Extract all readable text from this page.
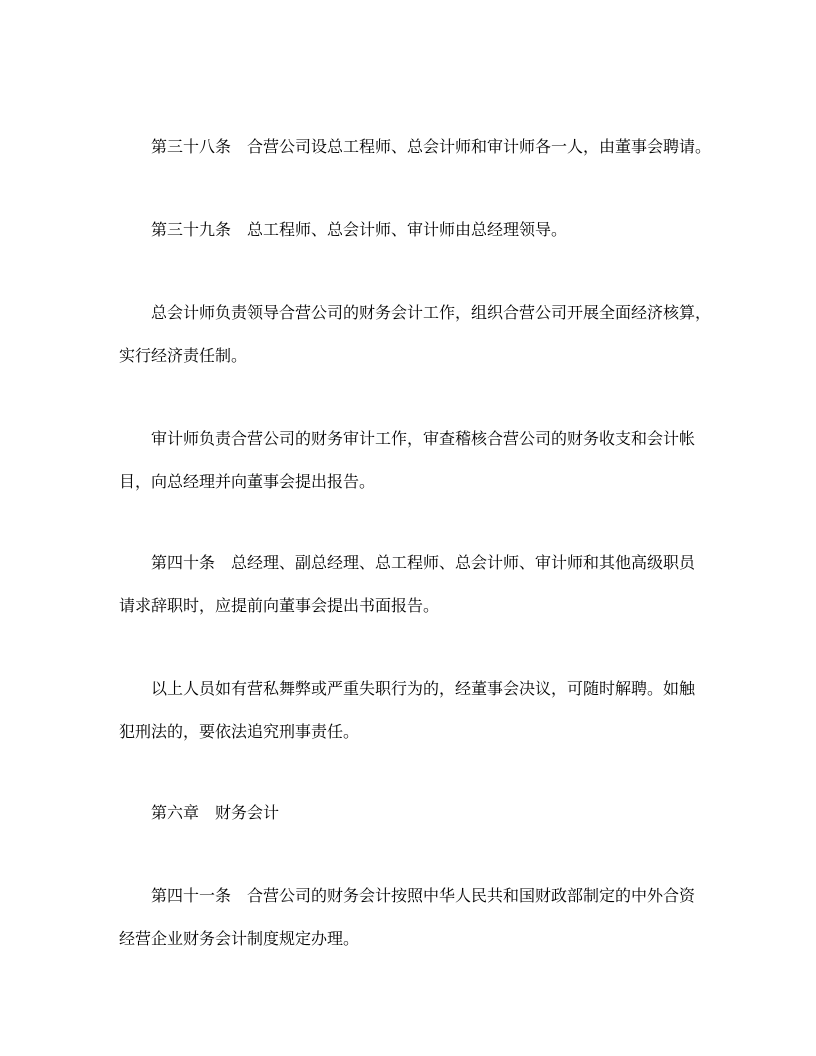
第三十八条　合营公司设总工程师、总会计师和审计师各一人，由董事会聘请。

第三十九条　总工程师、总会计师、审计师由总经理领导。

总会计师负责领导合营公司的财务会计工作，组织合营公司开展全面经济核算，

实行经济责任制。

审计师负责合营公司的财务审计工作，审查稽核合营公司的财务收支和会计帐

目，向总经理并向董事会提出报告。

第四十条　总经理、副总经理、总工程师、总会计师、审计师和其他高级职员

请求辞职时，应提前向董事会提出书面报告。

以上人员如有营私舞弊或严重失职行为的，经董事会决议，可随时解聘。如触

犯刑法的，要依法追究刑事责任。

第六章　财务会计

第四十一条　合营公司的财务会计按照中华人民共和国财政部制定的中外合资

经营企业财务会计制度规定办理。
